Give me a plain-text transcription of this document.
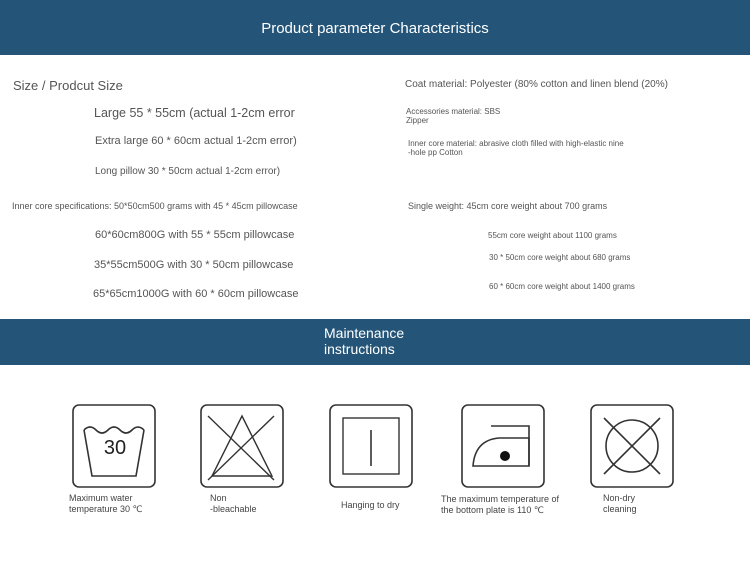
Product parameter Characteristics
Size / Prodcut Size
Large 55 * 55cm (actual 1-2cm error
Extra large 60 * 60cm actual 1-2cm error)
Long pillow 30 * 50cm actual 1-2cm error)
Inner core specifications: 50*50cm500 grams with 45 * 45cm pillowcase
60*60cm800G with 55 * 55cm pillowcase
35*55cm500G with 30 * 50cm pillowcase
65*65cm1000G with 60 * 60cm pillowcase
Coat material: Polyester (80% cotton and linen blend (20%)
Accessories material: SBS
Zipper
Inner core material: abrasive cloth filled with high-elastic nine
-hole pp Cotton
Single weight: 45cm core weight about 700 grams
55cm core weight about 1100 grams
30 * 50cm core weight about 680 grams
60 * 60cm core weight about 1400 grams
Maintenance
instructions
30
Maximum water
temperature 30 ℃
Non
-bleachable	Hanging to dry
The maximum temperature of
the bottom plate is 110 ℃
Non-dry
cleaning
